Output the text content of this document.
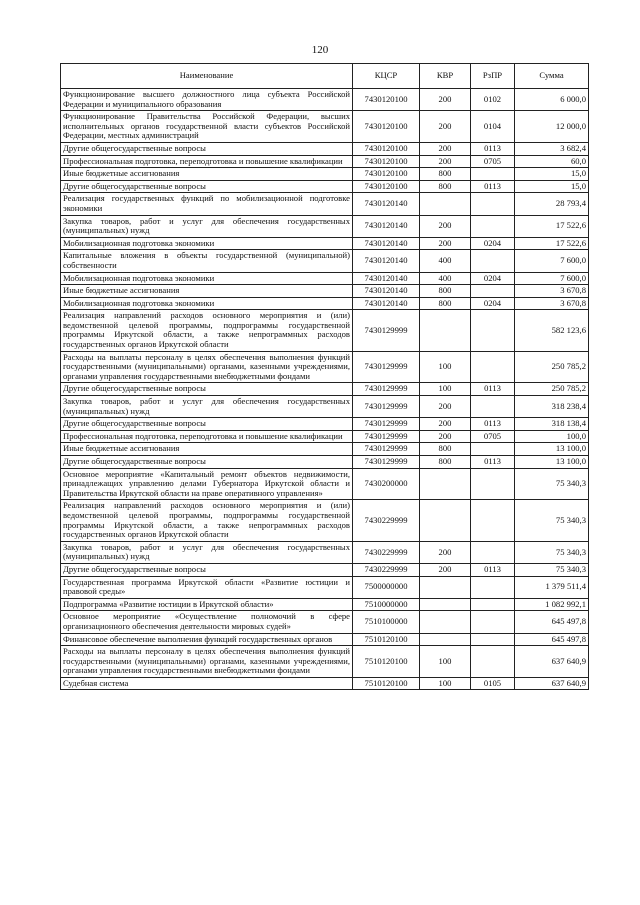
120
Наименование	КЦСР	КВР	РзПР	Сумма
Функционирование высшего должностного лица субъекта Российской Федерации и муниципального образования	7430120100	200	0102	6 000,0
Функционирование Правительства Российской Федерации, высших исполнительных органов государственной власти субъектов Российской Федерации, местных администраций	7430120100	200	0104	12 000,0
Другие общегосударственные вопросы	7430120100	200	0113	3 682,4
Профессиональная подготовка, переподготовка и повышение квалификации	7430120100	200	0705	60,0
Иные бюджетные ассигнования	7430120100	800		15,0
Другие общегосударственные вопросы	7430120100	800	0113	15,0
Реализация государственных функций по мобилизационной подготовке экономики	7430120140			28 793,4
Закупка товаров, работ и услуг для обеспечения государственных (муниципальных) нужд	7430120140	200		17 522,6
Мобилизационная подготовка экономики	7430120140	200	0204	17 522,6
Капитальные вложения в объекты государственной (муниципальной) собственности	7430120140	400		7 600,0
Мобилизационная подготовка экономики	7430120140	400	0204	7 600,0
Иные бюджетные ассигнования	7430120140	800		3 670,8
Мобилизационная подготовка экономики	7430120140	800	0204	3 670,8
Реализация направлений расходов основного мероприятия и (или) ведомственной целевой программы, подпрограммы государственной программы Иркутской области, а также непрограммных расходов государственных органов Иркутской области	7430129999			582 123,6
Расходы на выплаты персоналу в целях обеспечения выполнения функций государственными (муниципальными) органами, казенными учреждениями, органами управления государственными внебюджетными фондами	7430129999	100		250 785,2
Другие общегосударственные вопросы	7430129999	100	0113	250 785,2
Закупка товаров, работ и услуг для обеспечения государственных (муниципальных) нужд	7430129999	200		318 238,4
Другие общегосударственные вопросы	7430129999	200	0113	318 138,4
Профессиональная подготовка, переподготовка и повышение квалификации	7430129999	200	0705	100,0
Иные бюджетные ассигнования	7430129999	800		13 100,0
Другие общегосударственные вопросы	7430129999	800	0113	13 100,0
Основное мероприятие «Капитальный ремонт объектов недвижимости, принадлежащих управлению делами Губернатора Иркутской области и Правительства Иркутской области на праве оперативного управления»	7430200000			75 340,3
Реализация направлений расходов основного мероприятия и (или) ведомственной целевой программы, подпрограммы государственной программы Иркутской области, а также непрограммных расходов государственных органов Иркутской области	7430229999			75 340,3
Закупка товаров, работ и услуг для обеспечения государственных (муниципальных) нужд	7430229999	200		75 340,3
Другие общегосударственные вопросы	7430229999	200	0113	75 340,3
Государственная программа Иркутской области «Развитие юстиции и правовой среды»	7500000000			1 379 511,4
Подпрограмма «Развитие юстиции в Иркутской области»	7510000000			1 082 992,1
Основное мероприятие «Осуществление полномочий в сфере организационного обеспечения деятельности мировых судей»	7510100000			645 497,8
Финансовое обеспечение выполнения функций государственных органов	7510120100			645 497,8
Расходы на выплаты персоналу в целях обеспечения выполнения функций государственными (муниципальными) органами, казенными учреждениями, органами управления государственными внебюджетными фондами	7510120100	100		637 640,9
Судебная система	7510120100	100	0105	637 640,9
